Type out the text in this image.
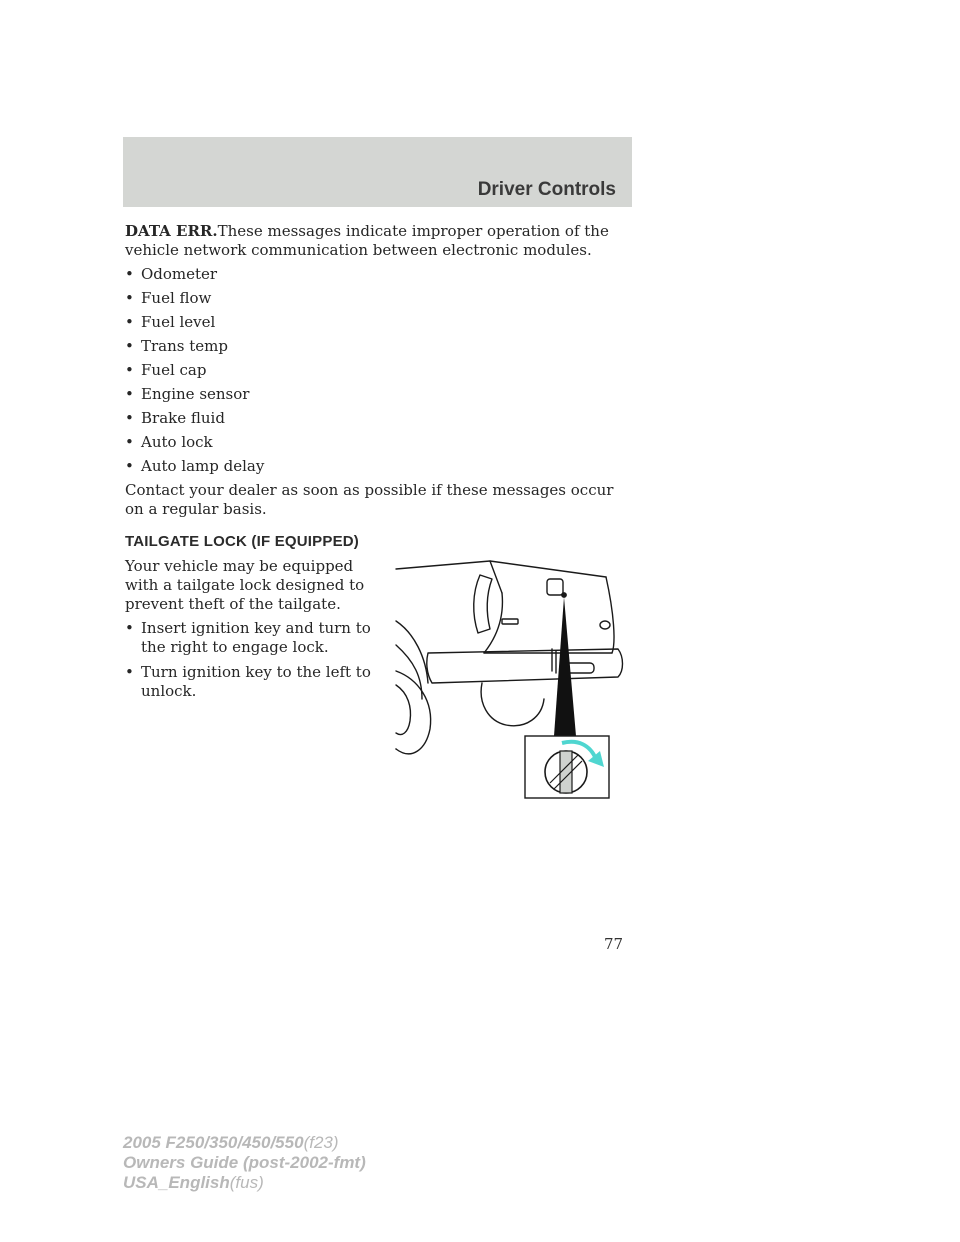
Driver Controls

DATA ERR.These messages indicate improper operation of the vehicle network communication between electronic modules.

• Odometer
• Fuel flow
• Fuel level
• Trans temp
• Fuel cap
• Engine sensor
• Brake fluid
• Auto lock
• Auto lamp delay

Contact your dealer as soon as possible if these messages occur on a regular basis.

TAILGATE LOCK (IF EQUIPPED)

Your vehicle may be equipped with a tailgate lock designed to prevent theft of the tailgate.

• Insert ignition key and turn to the right to engage lock.
• Turn ignition key to the left to unlock.
77
2005 F250/350/450/550(f23)
Owners Guide (post-2002-fmt)
USA_English(fus)
